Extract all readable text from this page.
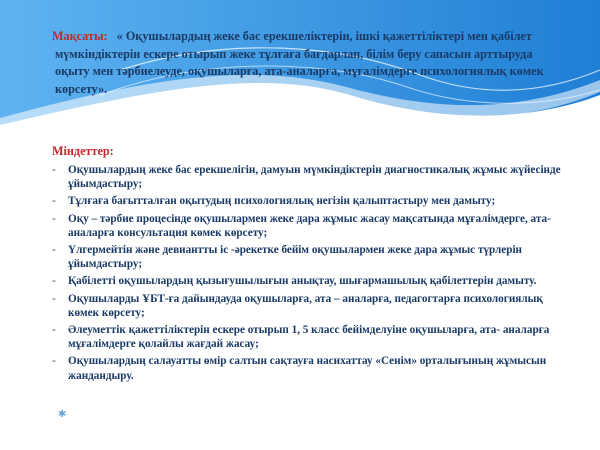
Мақсаты: « Оқушылардың жеке бас ерекшеліктерін, ішкі қажеттіліктері мен қабілет

мүмкіндіктерін ескере отырып жеке тұлғаға бағдарлап, білім беру сапасын арттыруда

оқыту мен тәрбиелеуде, оқушыларға, ата-аналарға, мұғалімдерге психологиялық көмек көрсету».

Міндеттер:
- Оқушылардың жеке бас ерекшелігін, дамуын мүмкіндіктерін диагностикалық жұмыс жүйесінде ұйымдастыру;
- Тұлғаға бағытталған оқытудың психологиялық негізін қалыптастыру мен дамыту;
- Оқу – тәрбие процесінде оқушылармен жеке дара жұмыс жасау мақсатында мұғалімдерге, ата-аналарға консультация көмек көрсету;
- Үлгермейтін және девиантты іс -әрекетке бейім оқушылармен жеке дара жұмыс түрлерін ұйымдастыру;
- Қабілетті оқушылардың қызығушылығын анықтау, шығармашылық қабілеттерін дамыту.
- Оқушыларды ҰБТ-ға дайындауда оқушыларға, ата – аналарға, педагогтарға психологиялық көмек көрсету;
- Әлеуметтік қажеттіліктерін ескере отырып 1, 5 класс бейімделуіне оқушыларға, ата- аналарға мұғалімдерге қолайлы жағдай жасау;
- Оқушылардың салауатты өмір салтын сақтауға насихаттау «Сенім» орталығының жұмысын жандандыру.
✱
